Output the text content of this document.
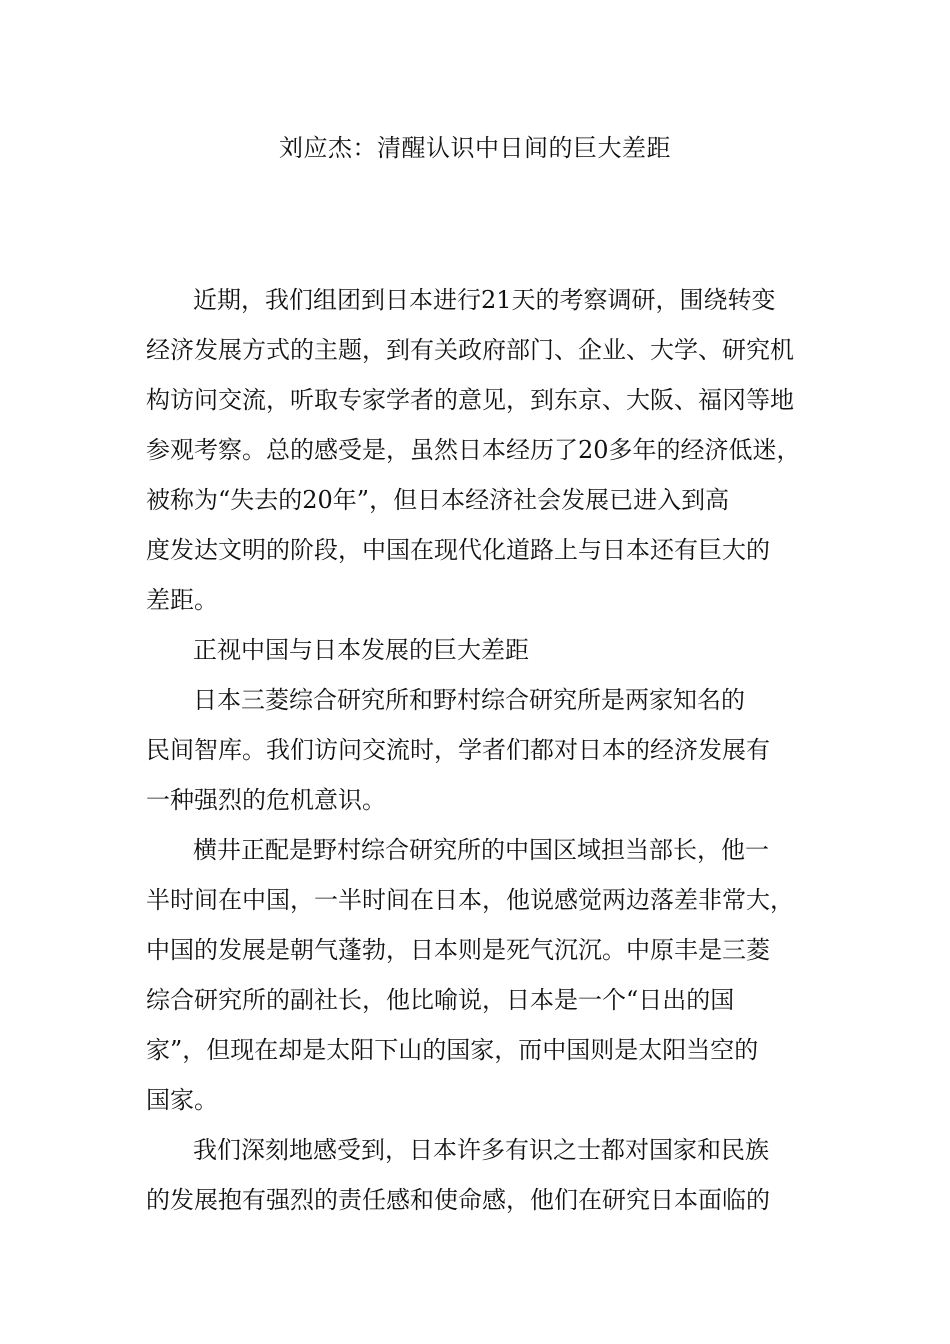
刘应杰：清醒认识中日间的巨大差距
近期，我们组团到日本进行21天的考察调研，围绕转变
经济发展方式的主题，到有关政府部门、企业、大学、研究机
构访问交流，听取专家学者的意见，到东京、大阪、福冈等地
参观考察。总的感受是，虽然日本经历了20多年的经济低迷，
被称为“失去的20年”，但日本经济社会发展已进入到高
度发达文明的阶段，中国在现代化道路上与日本还有巨大的
差距。
正视中国与日本发展的巨大差距
日本三菱综合研究所和野村综合研究所是两家知名的
民间智库。我们访问交流时，学者们都对日本的经济发展有
一种强烈的危机意识。
横井正配是野村综合研究所的中国区域担当部长，他一
半时间在中国，一半时间在日本，他说感觉两边落差非常大，
中国的发展是朝气蓬勃，日本则是死气沉沉。中原丰是三菱
综合研究所的副社长，他比喻说，日本是一个“日出的国
家”，但现在却是太阳下山的国家，而中国则是太阳当空的
国家。
我们深刻地感受到，日本许多有识之士都对国家和民族
的发展抱有强烈的责任感和使命感，他们在研究日本面临的
